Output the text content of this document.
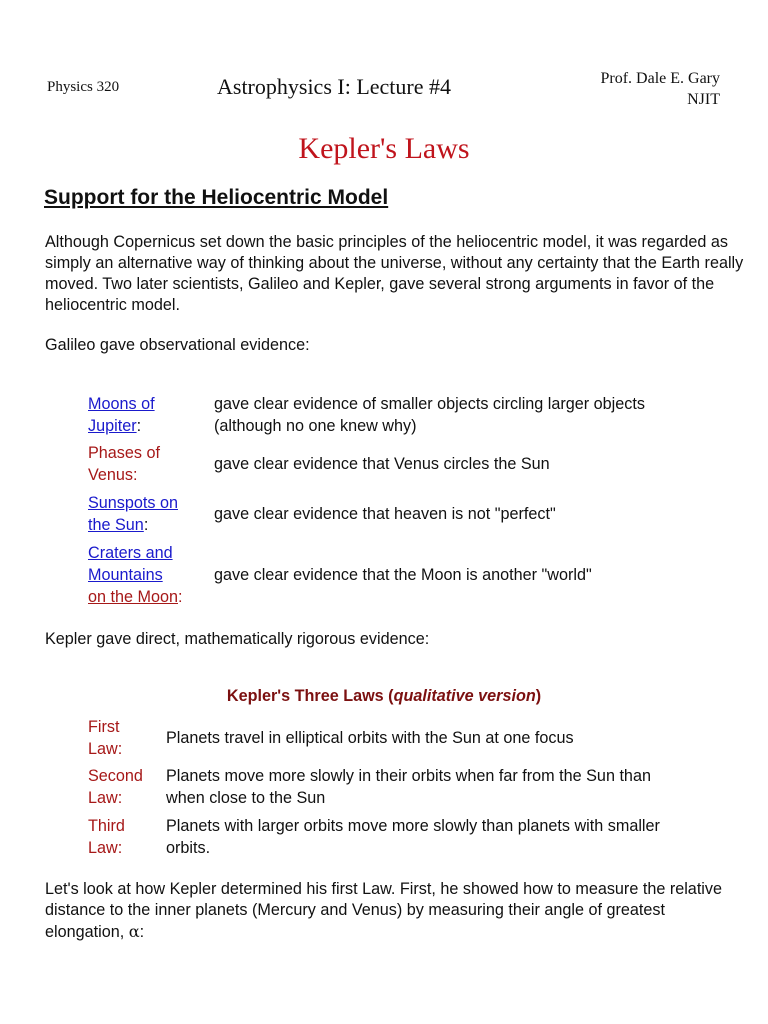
Physics 320	Astrophysics I: Lecture #4	Prof. Dale E. Gary
NJIT
Kepler's Laws
Support for the Heliocentric Model
Although Copernicus set down the basic principles of the heliocentric model, it was regarded as simply an alternative way of thinking about the universe, without any certainty that the Earth really moved. Two later scientists, Galileo and Kepler, gave several strong arguments in favor of the heliocentric model.
Galileo gave observational evidence:
Moons of
Jupiter:
gave clear evidence of smaller objects circling larger objects (although no one knew why)
Phases of
Venus:
gave clear evidence that Venus circles the Sun
Sunspots on
the Sun:
gave clear evidence that heaven is not "perfect"
Craters and
Mountains
on the Moon:
gave clear evidence that the Moon is another "world"
Kepler gave direct, mathematically rigorous evidence:
Kepler's Three Laws (qualitative version)
First
Law:
Planets travel in elliptical orbits with the Sun at one focus
Second
Law:
Planets move more slowly in their orbits when far from the Sun than when close to the Sun
Third
Law:
Planets with larger orbits move more slowly than planets with smaller orbits.
Let's look at how Kepler determined his first Law. First, he showed how to measure the relative distance to the inner planets (Mercury and Venus) by measuring their angle of greatest elongation, α:
